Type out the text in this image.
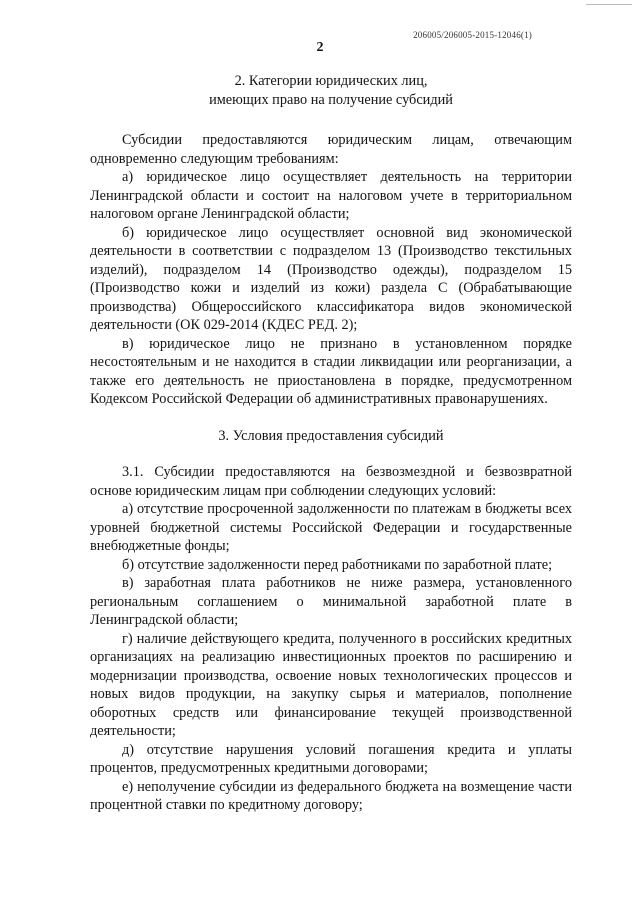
206005/206005-2015-12046(1)
2

2. Категории юридических лиц,

имеющих право на получение субсидий

Субсидии предоставляются юридическим лицам, отвечающим одновременно следующим требованиям:

а) юридическое лицо осуществляет деятельность на территории Ленинградской области и состоит на налоговом учете в территориальном налоговом органе Ленинградской области;

б) юридическое лицо осуществляет основной вид экономической деятельности в соответствии с подразделом 13 (Производство текстильных изделий), подразделом 14 (Производство одежды), подразделом 15 (Производство кожи и изделий из кожи) раздела С (Обрабатывающие производства) Общероссийского классификатора видов экономической деятельности (ОК 029-2014 (КДЕС РЕД. 2);

в) юридическое лицо не признано в установленном порядке несостоятельным и не находится в стадии ликвидации или реорганизации, а также его деятельность не приостановлена в порядке, предусмотренном Кодексом Российской Федерации об административных правонарушениях.

3. Условия предоставления субсидий

3.1. Субсидии предоставляются на безвозмездной и безвозвратной основе юридическим лицам при соблюдении следующих условий:

а) отсутствие просроченной задолженности по платежам в бюджеты всех уровней бюджетной системы Российской Федерации и государственные внебюджетные фонды;

б) отсутствие задолженности перед работниками по заработной плате;

в) заработная плата работников не ниже размера, установленного региональным соглашением о минимальной заработной плате в Ленинградской области;

г) наличие действующего кредита, полученного в российских кредитных организациях на реализацию инвестиционных проектов по расширению и модернизации производства, освоение новых технологических процессов и новых видов продукции, на закупку сырья и материалов, пополнение оборотных средств или финансирование текущей производственной деятельности;

д) отсутствие нарушения условий погашения кредита и уплаты процентов, предусмотренных кредитными договорами;

е) неполучение субсидии из федерального бюджета на возмещение части процентной ставки по кредитному договору;
